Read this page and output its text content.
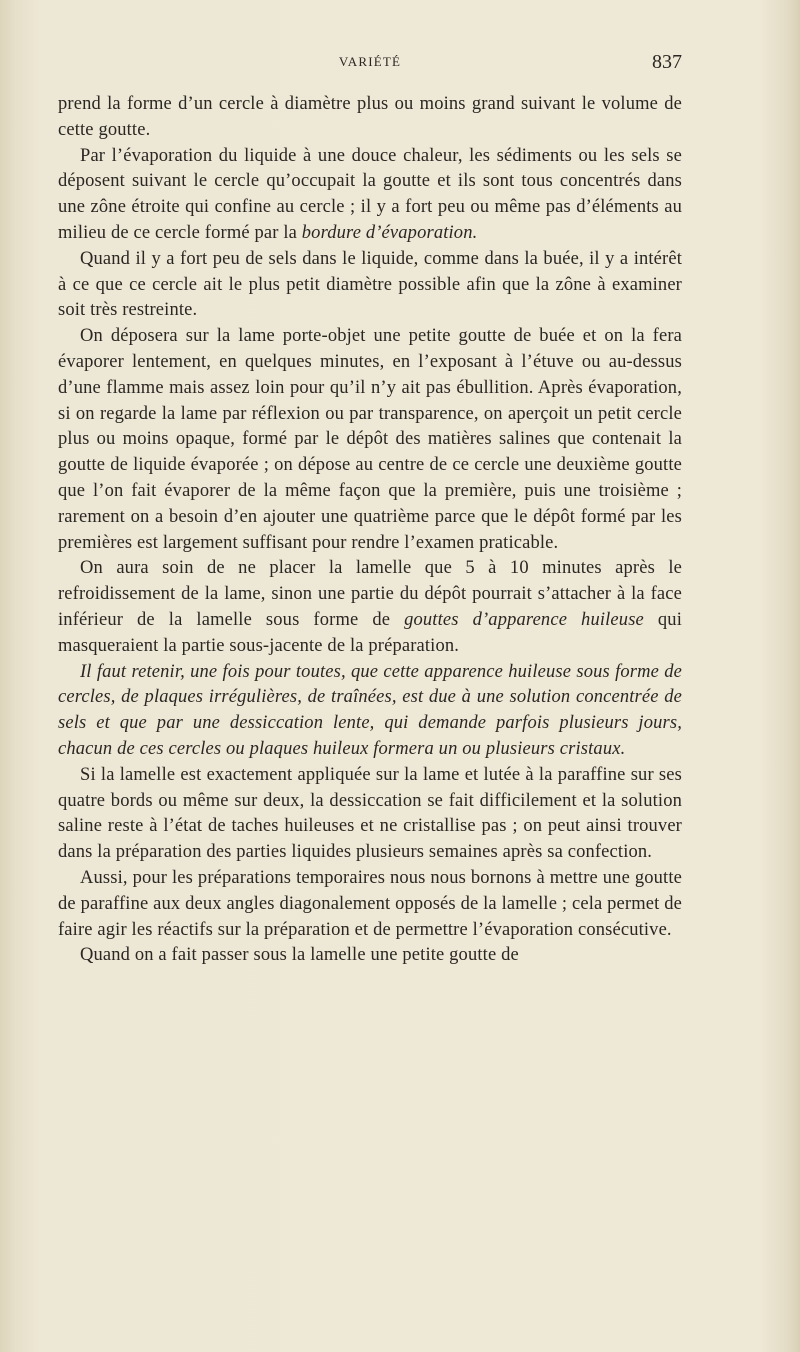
VARIÉTÉ	837

prend la forme d’un cercle à diamètre plus ou moins grand suivant le volume de cette goutte.

Par l’évaporation du liquide à une douce chaleur, les sédiments ou les sels se déposent suivant le cercle qu’occupait la goutte et ils sont tous concentrés dans une zône étroite qui confine au cercle ; il y a fort peu ou même pas d’éléments au milieu de ce cercle formé par la bordure d’évaporation.

Quand il y a fort peu de sels dans le liquide, comme dans la buée, il y a intérêt à ce que ce cercle ait le plus petit diamètre possible afin que la zône à examiner soit très restreinte.

On déposera sur la lame porte-objet une petite goutte de buée et on la fera évaporer lentement, en quelques minutes, en l’exposant à l’étuve ou au-dessus d’une flamme mais assez loin pour qu’il n’y ait pas ébullition. Après évaporation, si on regarde la lame par réflexion ou par transparence, on aperçoit un petit cercle plus ou moins opaque, formé par le dépôt des matières salines que contenait la goutte de liquide évaporée ; on dépose au centre de ce cercle une deuxième goutte que l’on fait évaporer de la même façon que la première, puis une troisième ; rarement on a besoin d’en ajouter une quatrième parce que le dépôt formé par les premières est largement suffisant pour rendre l’examen praticable.

On aura soin de ne placer la lamelle que 5 à 10 minutes après le refroidissement de la lame, sinon une partie du dépôt pourrait s’attacher à la face inférieur de la lamelle sous forme de gouttes d’apparence huileuse qui masqueraient la partie sous-jacente de la préparation.

Il faut retenir, une fois pour toutes, que cette apparence huileuse sous forme de cercles, de plaques irrégulières, de traînées, est due à une solution concentrée de sels et que par une dessiccation lente, qui demande parfois plusieurs jours, chacun de ces cercles ou plaques huileux formera un ou plusieurs cristaux.

Si la lamelle est exactement appliquée sur la lame et lutée à la paraffine sur ses quatre bords ou même sur deux, la dessiccation se fait difficilement et la solution saline reste à l’état de taches huileuses et ne cristallise pas ; on peut ainsi trouver dans la préparation des parties liquides plusieurs semaines après sa confection.

Aussi, pour les préparations temporaires nous nous bornons à mettre une goutte de paraffine aux deux angles diagonalement opposés de la lamelle ; cela permet de faire agir les réactifs sur la préparation et de permettre l’évaporation consécutive.

Quand on a fait passer sous la lamelle une petite goutte de
